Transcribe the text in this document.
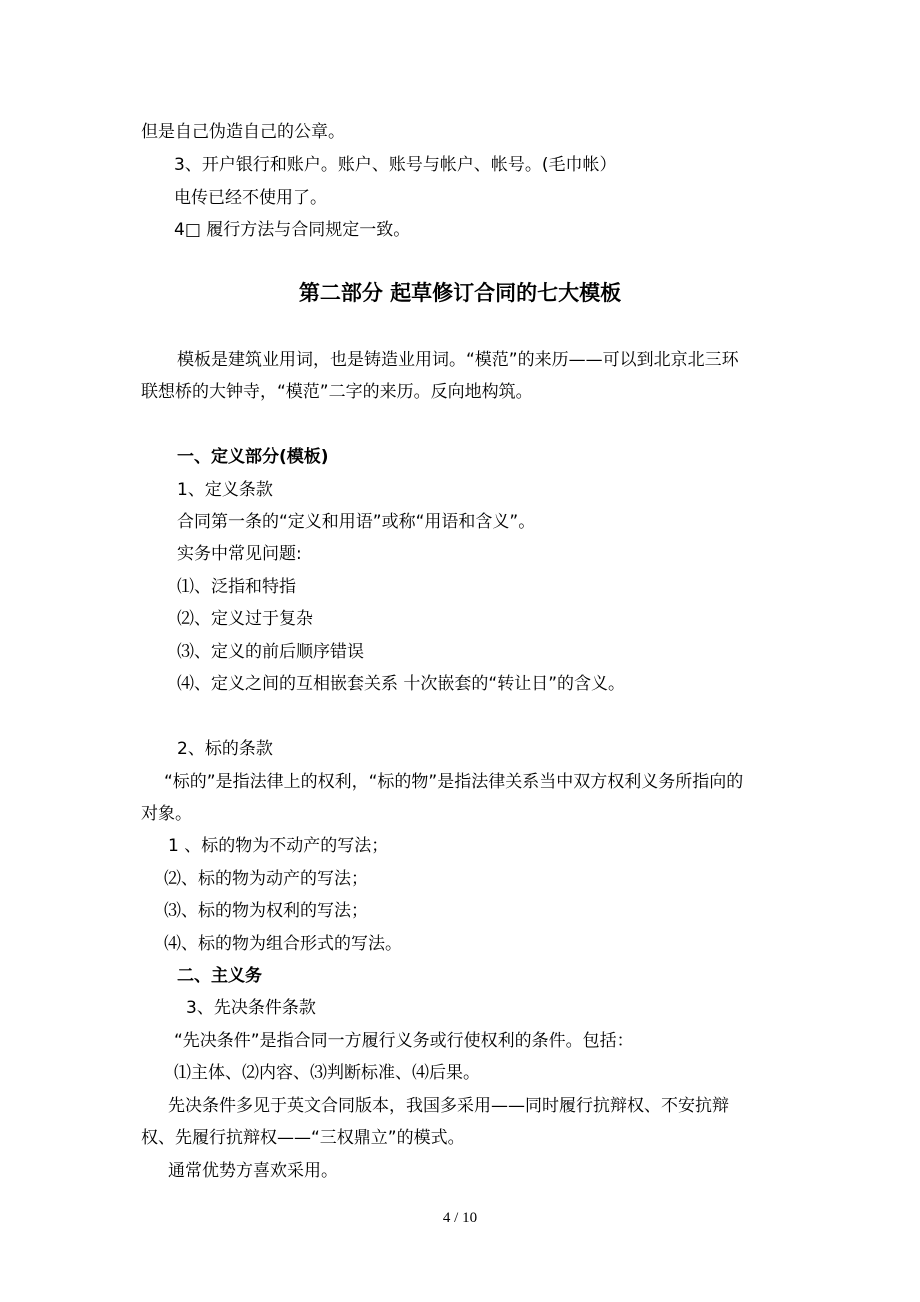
但是自己伪造自己的公章。
3、开户银行和账户。账户、账号与帐户、帐号。(毛巾帐）
电传已经不使用了。
4□ 履行方法与合同规定一致。
第二部分 起草修订合同的七大模板
模板是建筑业用词，也是铸造业用词。“模范”的来历——可以到北京北三环
联想桥的大钟寺，“模范”二字的来历。反向地构筑。
一、定义部分(模板)
1、定义条款
合同第一条的“定义和用语”或称“用语和含义”。
实务中常见问题:
⑴、泛指和特指
⑵、定义过于复杂
⑶、定义的前后顺序错误
⑷、定义之间的互相嵌套关系 十次嵌套的“转让日”的含义。
2、标的条款
“标的”是指法律上的权利，“标的物”是指法律关系当中双方权利义务所指向的
对象。
1 、标的物为不动产的写法；
⑵、标的物为动产的写法；
⑶、标的物为权利的写法；
⑷、标的物为组合形式的写法。
二、主义务
3、先决条件条款
“先决条件”是指合同一方履行义务或行使权利的条件。包括：
⑴主体、⑵内容、⑶判断标准、⑷后果。
先决条件多见于英文合同版本，我国多采用——同时履行抗辩权、不安抗辩
权、先履行抗辩权——“三权鼎立”的模式。
通常优势方喜欢采用。
4 / 10
